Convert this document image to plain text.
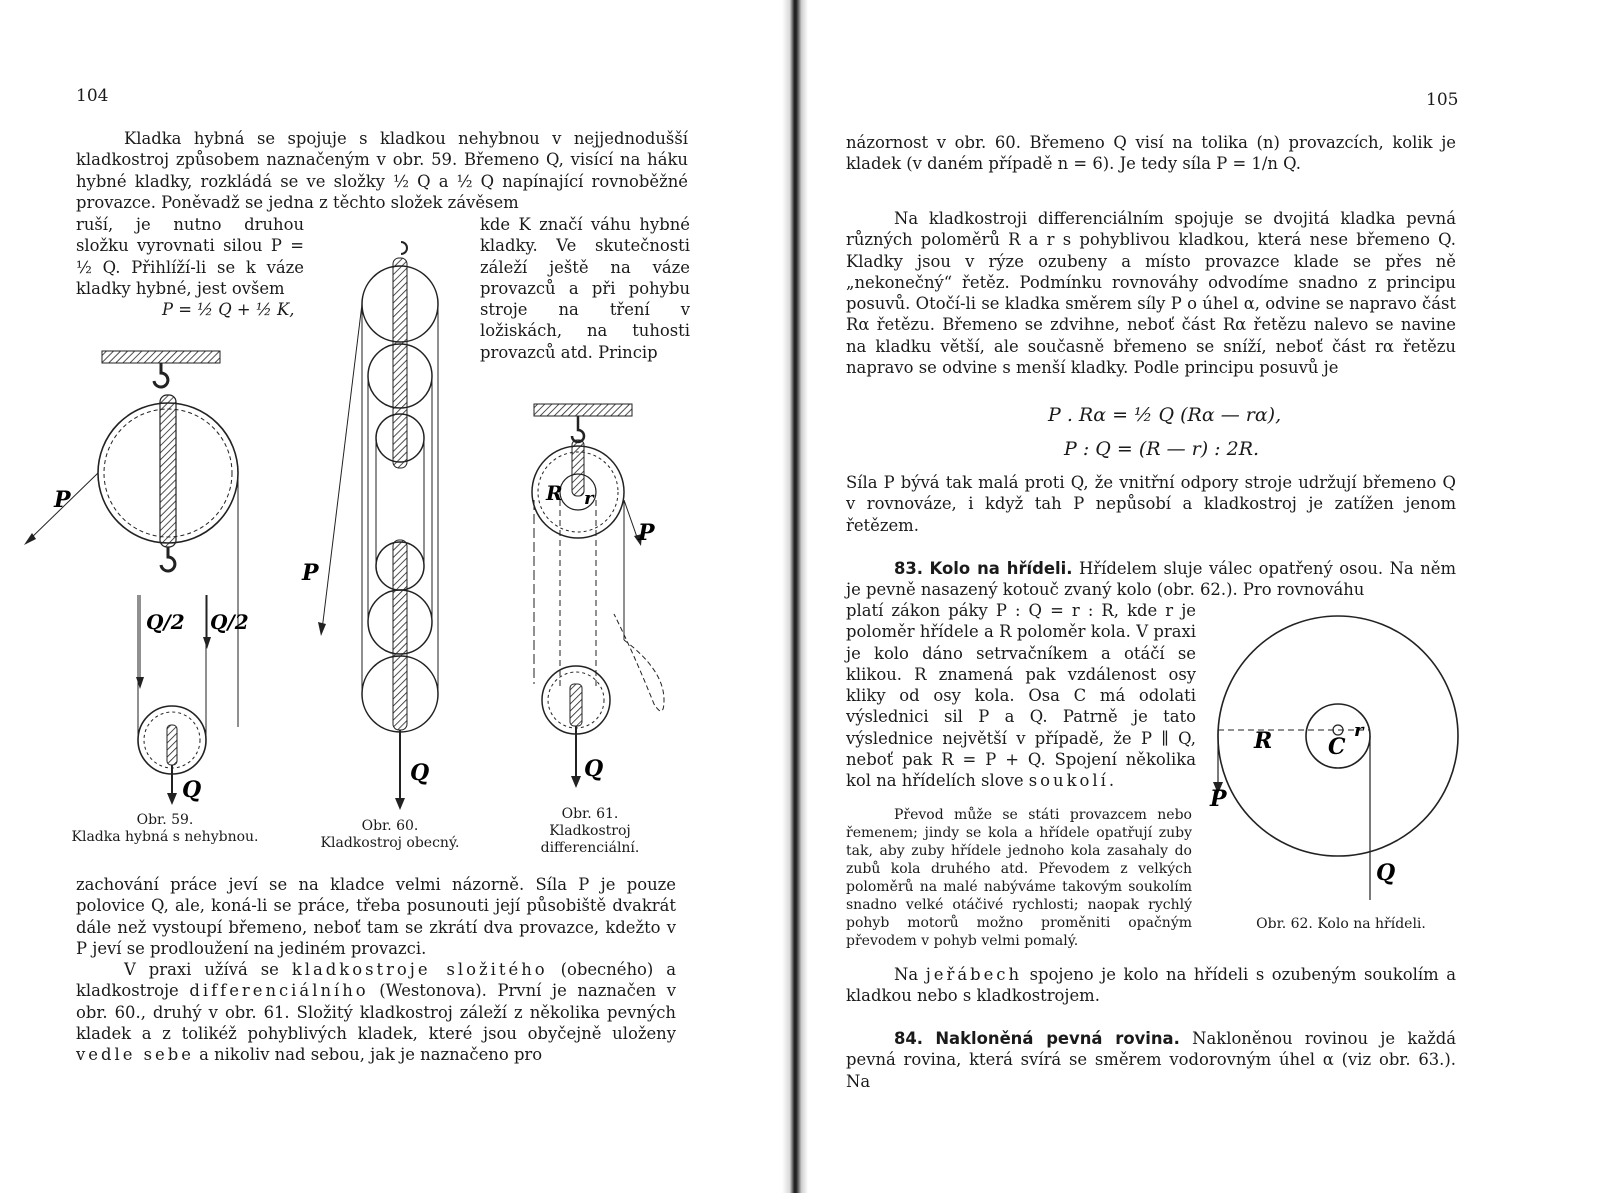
104

Kladka hybná se spojuje s kladkou nehybnou v nejjednodušší kladkostroj způsobem naznačeným v obr. 59. Břemeno Q, visící na háku hybné kladky, rozkládá se ve složky ½ Q a ½ Q napínající rovnoběžné provazce. Poněvadž se jedna z těchto složek závěsem

ruší, je nutno druhou složku vyrovnati silou P = ½ Q. Přihlíží-li se k váze kladky hybné, jest ovšem

P = ½ Q + ½ K,

kde K značí váhu hybné kladky. Ve skutečnosti záleží ještě na váze provazců a při pohybu stroje na tření v ložiskách, na tuhosti provazců atd. Princip

P
Q/2 Q/2
Q
Obr. 59.
Kladka hybná s nehybnou.
P
Q
Obr. 60.
Kladkostroj obecný.
R r
P
Q
Obr. 61.
Kladkostroj
differenciální.

zachování práce jeví se na kladce velmi názorně. Síla P je pouze polovice Q, ale, koná-li se práce, třeba posunouti její působiště dvakrát dále než vystoupí břemeno, neboť tam se zkrátí dva provazce, kdežto v P jeví se prodloužení na jediném provazci.

V praxi užívá se kladkostroje složitého (obecného) a kladkostroje differenciálního (Westonova). První je naznačen v obr. 60., druhý v obr. 61. Složitý kladkostroj záleží z několika pevných kladek a z tolikéž pohyblivých kladek, které jsou obyčejně uloženy vedle sebe a nikoliv nad sebou, jak je naznačeno pro

105

názornost v obr. 60. Břemeno Q visí na tolika (n) provazcích, kolik je kladek (v daném případě n = 6). Je tedy síla P = 1/n Q.

Na kladkostroji differenciálním spojuje se dvojitá kladka pevná různých poloměrů R a r s pohyblivou kladkou, která nese břemeno Q. Kladky jsou v rýze ozubeny a místo provazce klade se přes ně „nekonečný“ řetěz. Podmínku rovnováhy odvodíme snadno z principu posuvů. Otočí-li se kladka směrem síly P o úhel α, odvine se napravo část Rα řetězu. Břemeno se zdvihne, neboť část Rα řetězu nalevo se navine na kladku větší, ale současně břemeno se sníží, neboť část rα řetězu napravo se odvine s menší kladky. Podle principu posuvů je

P . Rα = ½ Q (Rα — rα),
P : Q = (R — r) : 2R.

Síla P bývá tak malá proti Q, že vnitřní odpory stroje udržují břemeno Q v rovnováze, i když tah P nepůsobí a kladkostroj je zatížen jenom řetězem.

83. Kolo na hřídeli. Hřídelem sluje válec opatřený osou. Na něm je pevně nasazený kotouč zvaný kolo (obr. 62.). Pro rovnováhu

platí zákon páky P : Q = r : R, kde r je poloměr hřídele a R poloměr kola. V praxi je kolo dáno setrvačníkem a otáčí se klikou. R znamená pak vzdálenost osy kliky od osy kola. Osa C má odolati výslednici sil P a Q. Patrně je tato výslednice největší v případě, že P ∥ Q, neboť pak R = P + Q. Spojení několika kol na hřídelích slove soukolí.

Převod může se státi provazcem nebo řemenem; jindy se kola a hřídele opatřují zuby tak, aby zuby hřídele jednoho kola zasahaly do zubů kola druhého atd. Převodem z velkých poloměrů na malé nabýváme takovým soukolím snadno velké otáčivé rychlosti; naopak rychlý pohyb motorů možno proměniti opačným převodem v pohyb velmi pomalý.

R	C
r
P
Q
Obr. 62. Kolo na hřídeli.

Na jeřábech spojeno je kolo na hřídeli s ozubeným soukolím a kladkou nebo s kladkostrojem.

84. Nakloněná pevná rovina. Nakloněnou rovinou je každá pevná rovina, která svírá se směrem vodorovným úhel α (viz obr. 63.). Na
